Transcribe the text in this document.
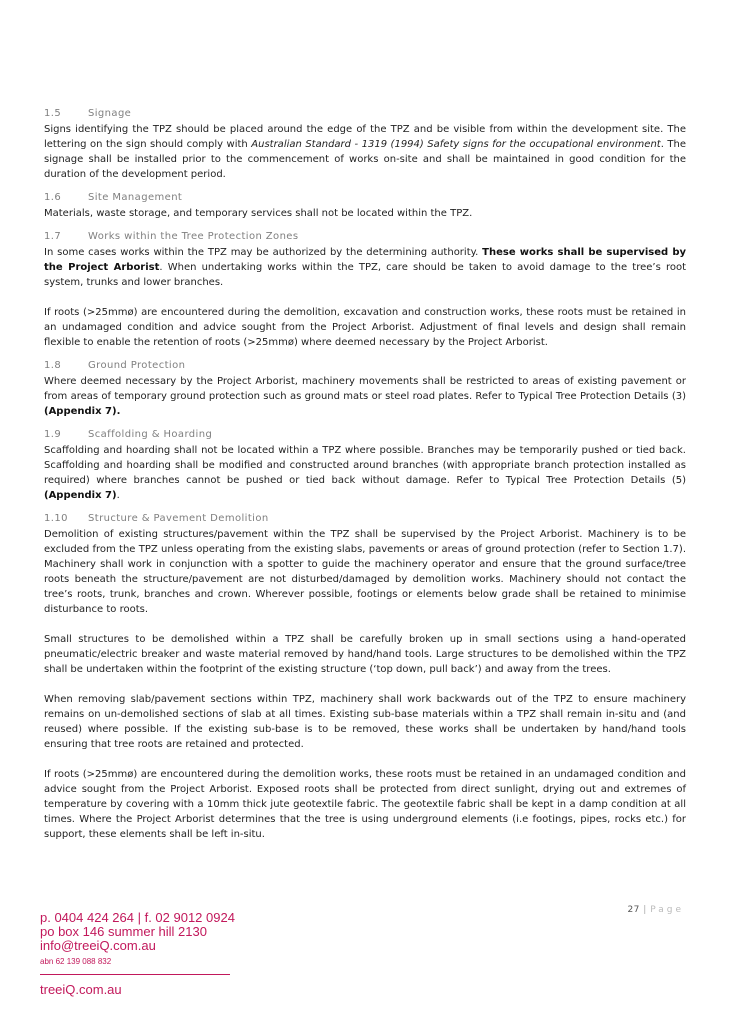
1.5	Signage

Signs identifying the TPZ should be placed around the edge of the TPZ and be visible from within the development site. The lettering on the sign should comply with Australian Standard - 1319 (1994) Safety signs for the occupational environment. The signage shall be installed prior to the commencement of works on-site and shall be maintained in good condition for the duration of the development period.

1.6	Site Management

Materials, waste storage, and temporary services shall not be located within the TPZ.

1.7	Works within the Tree Protection Zones

In some cases works within the TPZ may be authorized by the determining authority. These works shall be supervised by the Project Arborist. When undertaking works within the TPZ, care should be taken to avoid damage to the tree’s root system, trunks and lower branches.

If roots (>25mmø) are encountered during the demolition, excavation and construction works, these roots must be retained in an undamaged condition and advice sought from the Project Arborist. Adjustment of final levels and design shall remain flexible to enable the retention of roots (>25mmø) where deemed necessary by the Project Arborist.

1.8	Ground Protection

Where deemed necessary by the Project Arborist, machinery movements shall be restricted to areas of existing pavement or from areas of temporary ground protection such as ground mats or steel road plates. Refer to Typical Tree Protection Details (3) (Appendix 7).

1.9	Scaffolding & Hoarding

Scaffolding and hoarding shall not be located within a TPZ where possible. Branches may be temporarily pushed or tied back. Scaffolding and hoarding shall be modified and constructed around branches (with appropriate branch protection installed as required) where branches cannot be pushed or tied back without damage. Refer to Typical Tree Protection Details (5) (Appendix 7).

1.10 Structure & Pavement Demolition

Demolition of existing structures/pavement within the TPZ shall be supervised by the Project Arborist. Machinery is to be excluded from the TPZ unless operating from the existing slabs, pavements or areas of ground protection (refer to Section 1.7). Machinery shall work in conjunction with a spotter to guide the machinery operator and ensure that the ground surface/tree roots beneath the structure/pavement are not disturbed/damaged by demolition works. Machinery should not contact the tree’s roots, trunk, branches and crown. Wherever possible, footings or elements below grade shall be retained to minimise disturbance to roots.

Small structures to be demolished within a TPZ shall be carefully broken up in small sections using a hand-operated pneumatic/electric breaker and waste material removed by hand/hand tools. Large structures to be demolished within the TPZ shall be undertaken within the footprint of the existing structure (‘top down, pull back’) and away from the trees.

When removing slab/pavement sections within TPZ, machinery shall work backwards out of the TPZ to ensure machinery remains on un-demolished sections of slab at all times. Existing sub-base materials within a TPZ shall remain in-situ and (and reused) where possible. If the existing sub-base is to be removed, these works shall be undertaken by hand/hand tools ensuring that tree roots are retained and protected.

If roots (>25mmø) are encountered during the demolition works, these roots must be retained in an undamaged condition and advice sought from the Project Arborist. Exposed roots shall be protected from direct sunlight, drying out and extremes of temperature by covering with a 10mm thick jute geotextile fabric. The geotextile fabric shall be kept in a damp condition at all times. Where the Project Arborist determines that the tree is using underground elements (i.e footings, pipes, rocks etc.) for support, these elements shall be left in-situ.

27 | Page
p. 0404 424 264 | f. 02 9012 0924
po box 146 summer hill 2130
info@treeiQ.com.au
abn 62 139 088 832
treeiQ.com.au
